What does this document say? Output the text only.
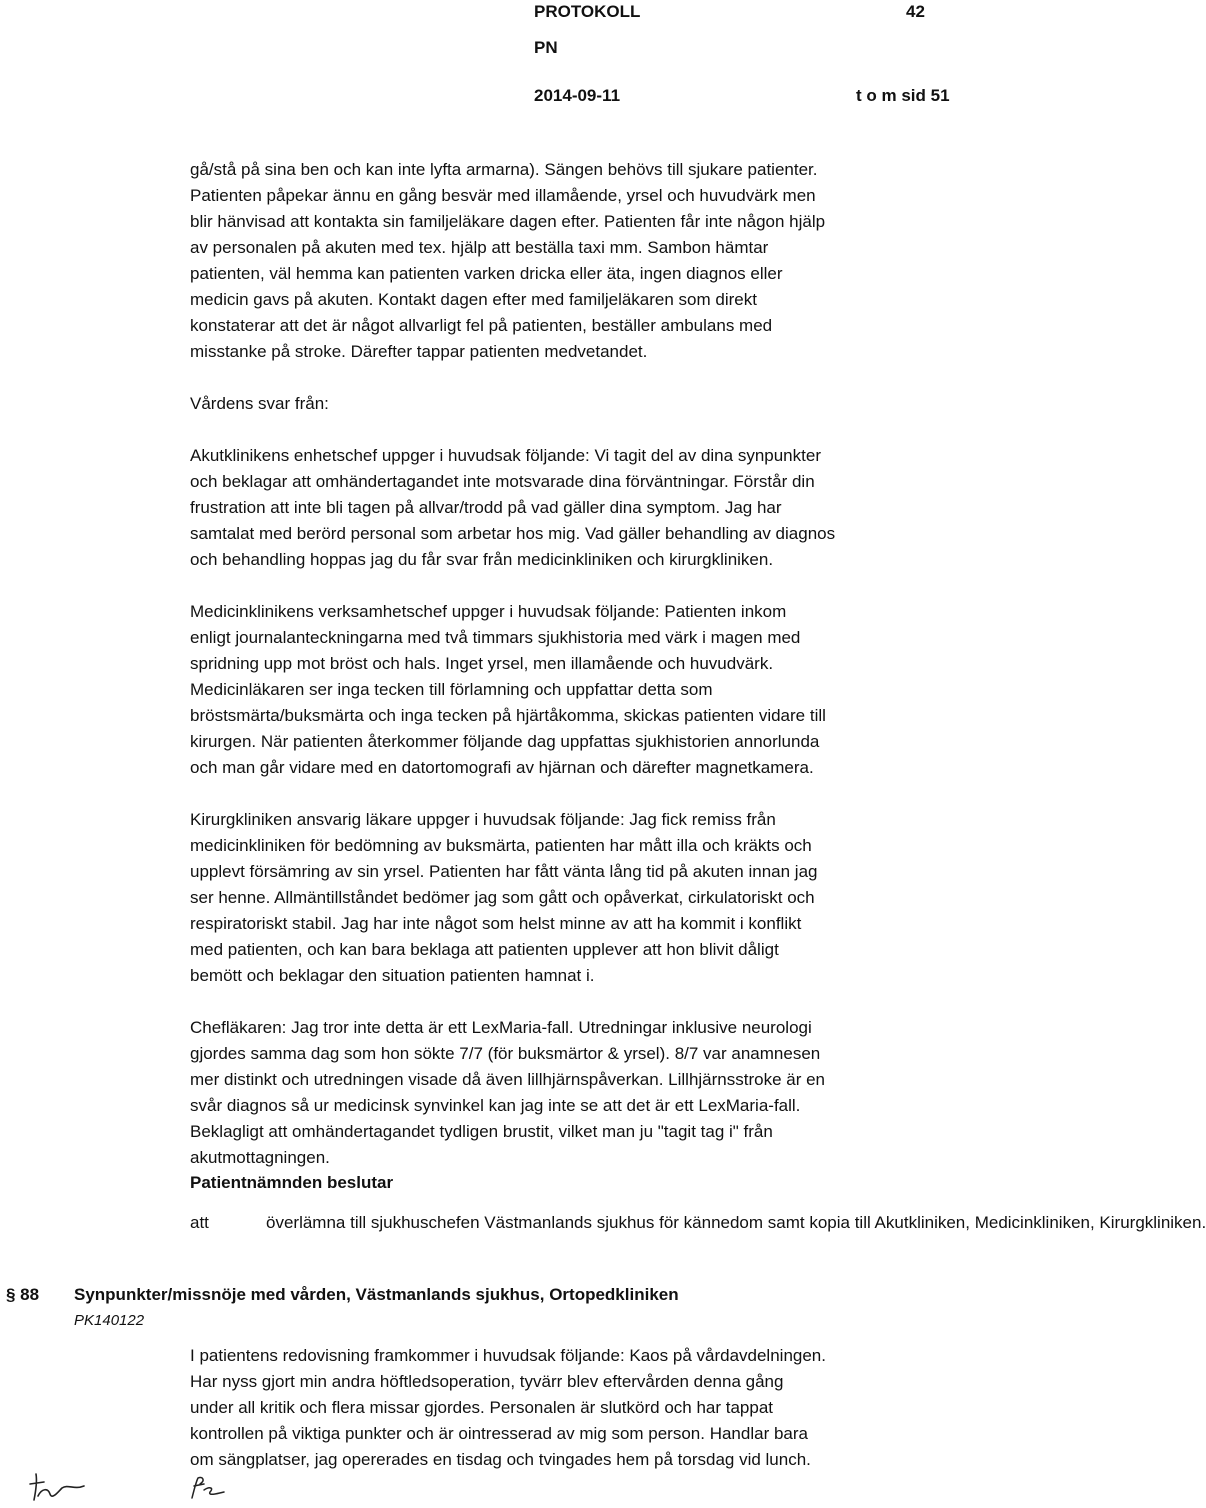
PROTOKOLL	42
PN
2014-09-11	t o m sid 51

gå/stå på sina ben och kan inte lyfta armarna). Sängen behövs till sjukare patienter.
Patienten påpekar ännu en gång besvär med illamående, yrsel och huvudvärk men
blir hänvisad att kontakta sin familjeläkare dagen efter. Patienten får inte någon hjälp
av personalen på akuten med tex. hjälp att beställa taxi mm. Sambon hämtar
patienten, väl hemma kan patienten varken dricka eller äta, ingen diagnos eller
medicin gavs på akuten. Kontakt dagen efter med familjeläkaren som direkt
konstaterar att det är något allvarligt fel på patienten, beställer ambulans med
misstanke på stroke. Därefter tappar patienten medvetandet.

Vårdens svar från:

Akutklinikens enhetschef uppger i huvudsak följande: Vi tagit del av dina synpunkter
och beklagar att omhändertagandet inte motsvarade dina förväntningar. Förstår din
frustration att inte bli tagen på allvar/trodd på vad gäller dina symptom. Jag har
samtalat med berörd personal som arbetar hos mig. Vad gäller behandling av diagnos
och behandling hoppas jag du får svar från medicinkliniken och kirurgkliniken.

Medicinklinikens verksamhetschef uppger i huvudsak följande: Patienten inkom
enligt journalanteckningarna med två timmars sjukhistoria med värk i magen med
spridning upp mot bröst och hals. Inget yrsel, men illamående och huvudvärk.
Medicinläkaren ser inga tecken till förlamning och uppfattar detta som
bröstsmärta/buksmärta och inga tecken på hjärtåkomma, skickas patienten vidare till
kirurgen. När patienten återkommer följande dag uppfattas sjukhistorien annorlunda
och man går vidare med en datortomografi av hjärnan och därefter magnetkamera.

Kirurgkliniken ansvarig läkare uppger i huvudsak följande: Jag fick remiss från
medicinkliniken för bedömning av buksmärta, patienten har mått illa och kräkts och
upplevt försämring av sin yrsel. Patienten har fått vänta lång tid på akuten innan jag
ser henne. Allmäntillståndet bedömer jag som gått och opåverkat, cirkulatoriskt och
respiratoriskt stabil. Jag har inte något som helst minne av att ha kommit i konflikt
med patienten, och kan bara beklaga att patienten upplever att hon blivit dåligt
bemött och beklagar den situation patienten hamnat i.

Chefläkaren: Jag tror inte detta är ett LexMaria-fall. Utredningar inklusive neurologi
gjordes samma dag som hon sökte 7/7 (för buksmärtor & yrsel). 8/7 var anamnesen
mer distinkt och utredningen visade då även lillhjärnspåverkan. Lillhjärnsstroke är en
svår diagnos så ur medicinsk synvinkel kan jag inte se att det är ett LexMaria-fall.
Beklagligt att omhändertagandet tydligen brustit, vilket man ju "tagit tag i" från
akutmottagningen.

Patientnämnden beslutar
att	överlämna till sjukhuschefen Västmanlands sjukhus för kännedom samt kopia till Akutkliniken, Medicinkliniken, Kirurgkliniken.
§ 88 Synpunkter/missnöje med vården, Västmanlands sjukhus, Ortopedkliniken
PK140122

I patientens redovisning framkommer i huvudsak följande: Kaos på vårdavdelningen.
Har nyss gjort min andra höftledsoperation, tyvärr blev eftervården denna gång
under all kritik och flera missar gjordes. Personalen är slutkörd och har tappat
kontrollen på viktiga punkter och är ointresserad av mig som person. Handlar bara
om sängplatser, jag opererades en tisdag och tvingades hem på torsdag vid lunch.
